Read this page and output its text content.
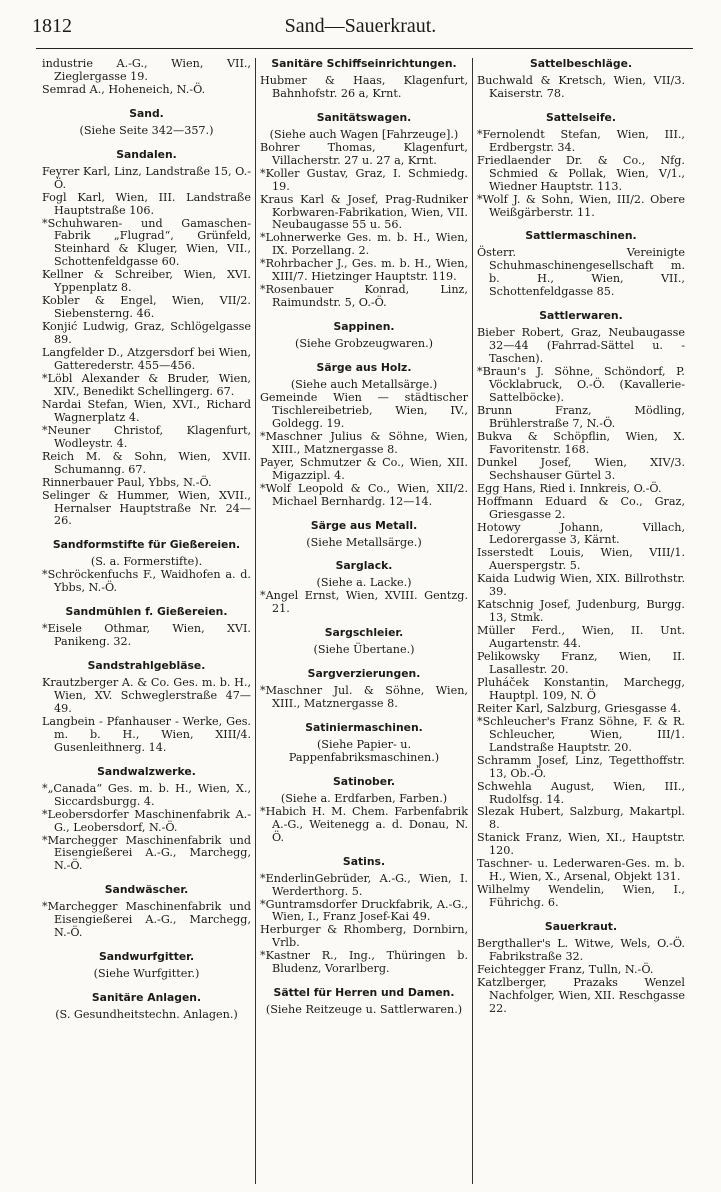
1812	Sand—Sauerkraut.
industrie A.-G., Wien, VII., Zieglergasse 19.
Semrad A., Hoheneich, N.-Ö.
Sand.
(Siehe Seite 342—357.)
Sandalen.
Feyrer Karl, Linz, Landstraße 15, O.-Ö.
Fogl Karl, Wien, III. Landstraße Hauptstraße 106.
*Schuhwaren- und Gamaschen-Fabrik „Flugrad“, Grünfeld, Steinhard & Kluger, Wien, VII., Schottenfeldgasse 60.
Kellner & Schreiber, Wien, XVI. Yppenplatz 8.
Kobler & Engel, Wien, VII/2. Siebensterng. 46.
Konjić Ludwig, Graz, Schlögelgasse 89.
Langfelder D., Atzgersdorf bei Wien, Gatterederstr. 455—456.
*Löbl Alexander & Bruder, Wien, XIV., Benedikt Schellingerg. 67.
Nardai Stefan, Wien, XVI., Richard Wagnerplatz 4.
*Neuner Christof, Klagenfurt, Wodleystr. 4.
Reich M. & Sohn, Wien, XVII. Schumanng. 67.
Rinnerbauer Paul, Ybbs, N.-Ö.
Selinger & Hummer, Wien, XVII., Hernalser Hauptstraße Nr. 24—26.
Sandformstifte für Gießereien.
(S. a. Formerstifte).
*Schröckenfuchs F., Waidhofen a. d. Ybbs, N.-Ö.
Sandmühlen f. Gießereien.
*Eisele Othmar, Wien, XVI. Panikeng. 32.
Sandstrahlgebläse.
Krautzberger A. & Co. Ges. m. b. H., Wien, XV. Schweglerstraße 47—49.
Langbein - Pfanhauser - Werke, Ges. m. b. H., Wien, XIII/4. Gusenleithnerg. 14.
Sandwalzwerke.
*„Canada“ Ges. m. b. H., Wien, X., Siccardsburgg. 4.
*Leobersdorfer Maschinenfabrik A.-G., Leobersdorf, N.-Ö.
*Marchegger Maschinenfabrik und Eisengießerei A.-G., Marchegg, N.-Ö.
Sandwäscher.
*Marchegger Maschinenfabrik und Eisengießerei A.-G., Marchegg, N.-Ö.
Sandwurfgitter.
(Siehe Wurfgitter.)
Sanitäre Anlagen.
(S. Gesundheitstechn. Anlagen.)
Sanitäre Schiffseinrichtungen.
Hubmer & Haas, Klagenfurt, Bahnhofstr. 26 a, Krnt.
Sanitätswagen.
(Siehe auch Wagen [Fahrzeuge].)
Bohrer Thomas, Klagenfurt, Villacherstr. 27 u. 27 a, Krnt.
*Koller Gustav, Graz, I. Schmiedg. 19.
Kraus Karl & Josef, Prag-Rudniker Korbwaren-Fabrikation, Wien, VII. Neubaugasse 55 u. 56.
*Lohnerwerke Ges. m. b. H., Wien, IX. Porzellang. 2.
*Rohrbacher J., Ges. m. b. H., Wien, XIII/7. Hietzinger Hauptstr. 119.
*Rosenbauer Konrad, Linz, Raimundstr. 5, O.-Ö.
Sappinen.
(Siehe Grobzeugwaren.)
Särge aus Holz.
(Siehe auch Metallsärge.)
Gemeinde Wien — städtischer Tischlereibetrieb, Wien, IV., Goldegg. 19.
*Maschner Julius & Söhne, Wien, XIII., Matznergasse 8.
Payer, Schmutzer & Co., Wien, XII. Migazzipl. 4.
*Wolf Leopold & Co., Wien, XII/2. Michael Bernhardg. 12—14.
Särge aus Metall.
(Siehe Metallsärge.)
Sarglack.
(Siehe a. Lacke.)
*Angel Ernst, Wien, XVIII. Gentzg. 21.
Sargschleier.
(Siehe Übertane.)
Sargverzierungen.
*Maschner Jul. & Söhne, Wien, XIII., Matznergasse 8.
Satiniermaschinen.
(Siehe Papier- u. Pappenfabriksmaschinen.)
Satinober.
(Siehe a. Erdfarben, Farben.)
*Habich H. M. Chem. Farbenfabrik A.-G., Weitenegg a. d. Donau, N. Ö.
Satins.
*EnderlinGebrüder, A.-G., Wien, I. Werderthorg. 5.
*Guntramsdorfer Druckfabrik, A.-G., Wien, I., Franz Josef-Kai 49.
Herburger & Rhomberg, Dornbirn, Vrlb.
*Kastner R., Ing., Thüringen b. Bludenz, Vorarlberg.
Sättel für Herren und Damen.
(Siehe Reitzeuge u. Sattlerwaren.)
Sattelbeschläge.
Buchwald & Kretsch, Wien, VII/3. Kaiserstr. 78.
Sattelseife.
*Fernolendt Stefan, Wien, III., Erdbergstr. 34.
Friedlaender Dr. & Co., Nfg. Schmied & Pollak, Wien, V/1., Wiedner Hauptstr. 113.
*Wolf J. & Sohn, Wien, III/2. Obere Weißgärberstr. 11.
Sattlermaschinen.
Österr. Vereinigte Schuhmaschinengesellschaft m. b. H., Wien, VII., Schottenfeldgasse 85.
Sattlerwaren.
Bieber Robert, Graz, Neubaugasse 32—44 (Fahrrad-Sättel u. -Taschen).
*Braun's J. Söhne, Schöndorf, P. Vöcklabruck, O.-Ö. (Kavallerie-Sattelböcke).
Brunn Franz, Mödling, Brühlerstraße 7, N.-Ö.
Bukva & Schöpflin, Wien, X. Favoritenstr. 168.
Dunkel Josef, Wien, XIV/3. Sechshauser Gürtel 3.
Egg Hans, Ried i. Innkreis, O.-Ö.
Hoffmann Eduard & Co., Graz, Griesgasse 2.
Hotowy Johann, Villach, Ledorergasse 3, Kärnt.
Isserstedt Louis, Wien, VIII/1. Auerspergstr. 5.
Kaida Ludwig Wien, XIX. Billrothstr. 39.
Katschnig Josef, Judenburg, Burgg. 13, Stmk.
Müller Ferd., Wien, II. Unt. Augartenstr. 44.
Pelikowsky Franz, Wien, II. Lasallestr. 20.
Pluháček Konstantin, Marchegg, Hauptpl. 109, N. Ö
Reiter Karl, Salzburg, Griesgasse 4.
*Schleucher's Franz Söhne, F. & R. Schleucher, Wien, III/1. Landstraße Hauptstr. 20.
Schramm Josef, Linz, Tegetthoffstr. 13, Ob.-Ö.
Schwehla August, Wien, III., Rudolfsg. 14.
Slezak Hubert, Salzburg, Makartpl. 8.
Stanick Franz, Wien, XI., Hauptstr. 120.
Taschner- u. Lederwaren-Ges. m. b. H., Wien, X., Arsenal, Objekt 131.
Wilhelmy Wendelin, Wien, I., Führichg. 6.
Sauerkraut.
Bergthaller's L. Witwe, Wels, O.-Ö. Fabrikstraße 32.
Feichtegger Franz, Tulln, N.-Ö.
Katzlberger, Prazaks Wenzel Nachfolger, Wien, XII. Reschgasse 22.
